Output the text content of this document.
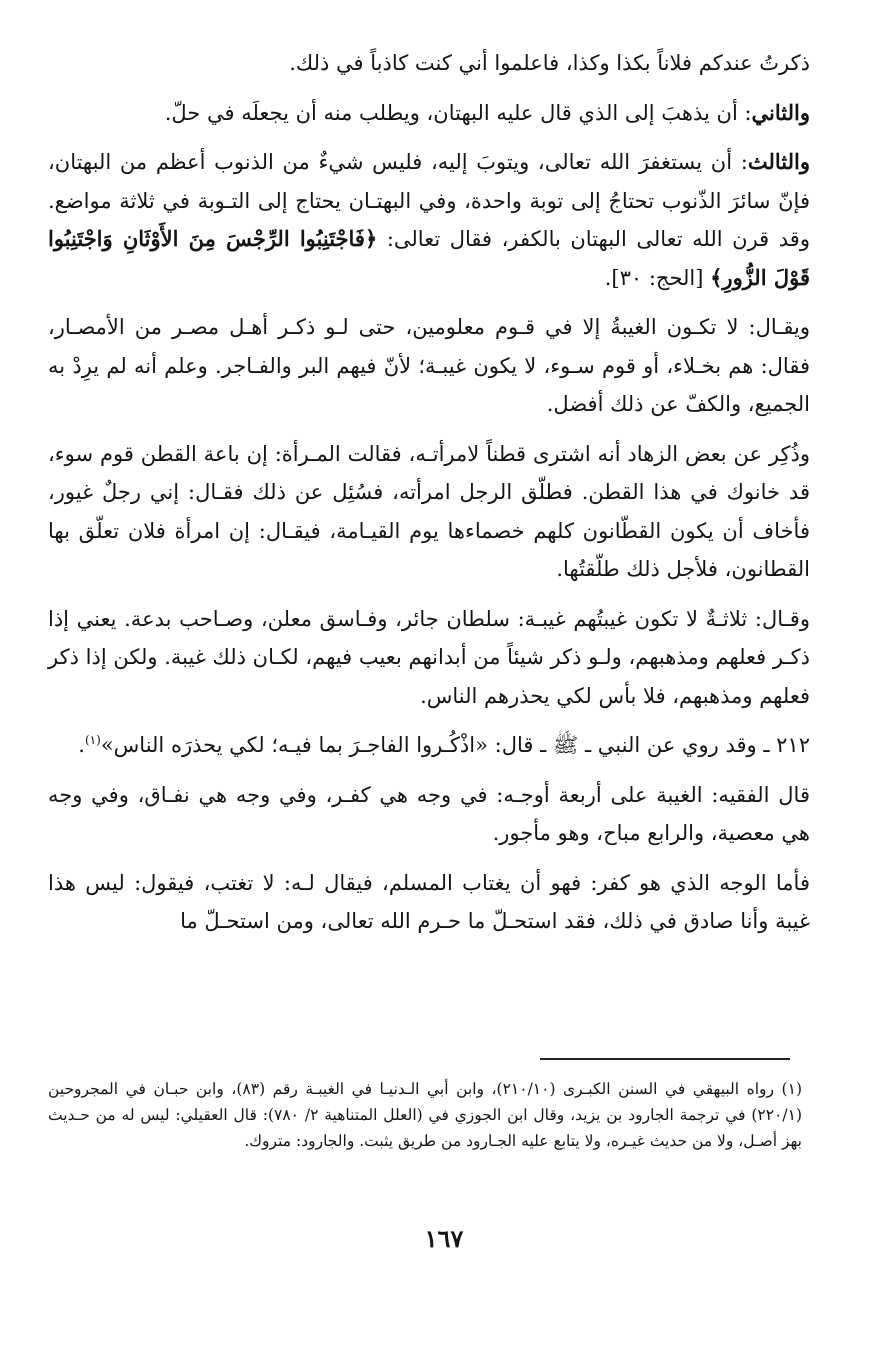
ذكرتُ عندكم فلاناً بكذا وكذا، فاعلموا أني كنت كاذباً في ذلك.

والثاني: أن يذهبَ إلى الذي قال عليه البهتان، ويطلب منه أن يجعلَه في حلّ.

والثالث: أن يستغفرَ الله تعالى، ويتوبَ إليه، فليس شيءٌ من الذنوب أعظم من البهتان، فإنّ سائرَ الذّنوب تحتاجُ إلى توبة واحدة، وفي البهتـان يحتاج إلى التـوبة في ثلاثة مواضع. وقد قرن الله تعالى البهتان بالكفر، فقال تعالى: ﴿فَاجْتَنِبُوا الرِّجْسَ مِنَ الأَوْثَانِ وَاجْتَنِبُوا قَوْلَ الزُّورِ﴾ [الحج: ٣٠].

ويقـال: لا تكـون الغيبةُ إلا في قـوم معلومين، حتى لـو ذكـر أهـل مصـر من الأمصـار، فقال: هم بخـلاء، أو قوم سـوء، لا يكون غيبـة؛ لأنّ فيهم البر والفـاجر. وعلم أنه لم يرِدْ به الجميع، والكفّ عن ذلك أفضل.

وذُكِر عن بعض الزهاد أنه اشترى قطناً لامرأتـه، فقالت المـرأة: إن باعة القطن قوم سوء، قد خانوك في هذا القطن. فطلّق الرجل امرأته، فسُئِل عن ذلك فقـال: إني رجلٌ غيور، فأخاف أن يكون القطّانون كلهم خصماءها يوم القيـامة، فيقـال: إن امرأة فلان تعلّق بها القطانون، فلأجل ذلك طلّقتُها.

وقـال: ثلاثـةٌ لا تكون غيبتُهم غيبـة: سلطان جائر، وفـاسق معلن، وصـاحب بدعة. يعني إذا ذكـر فعلهم ومذهبهم، ولـو ذكر شيئاً من أبدانهم بعيب فيهم، لكـان ذلك غيبة. ولكن إذا ذكر فعلهم ومذهبهم، فلا بأس لكي يحذرهم الناس.

٢١٢ ـ وقد روي عن النبي ـ ﷺ ـ قال: «اذْكُـروا الفاجـرَ بما فيـه؛ لكي يحذرَه الناس»$^{(١)}$.

قال الفقيه: الغيبة على أربعة أوجـه: في وجه هي كفـر، وفي وجه هي نفـاق، وفي وجه هي معصية، والرابع مباح، وهو مأجور.

فأما الوجه الذي هو كفر: فهو أن يغتاب المسلم، فيقال لـه: لا تغتب، فيقول: ليس هذا غيبة وأنا صادق في ذلك، فقد استحـلّ ما حـرم الله تعالى، ومن استحـلّ ما

(١) رواه البيهقي في السنن الكبـرى (٢١٠/١٠)، وابن أبي الـدنيـا في الغيبـة رقم (٨٣)، وابن حبـان في المجروحين (٢٢٠/١) في ترجمة الجارود بن يزيد، وقال ابن الجوزي في (العلل المتناهية ٢/ ٧٨٠): قال العقيلي: ليس له من حـديث بهز أصـل، ولا من حديث غيـره، ولا يتابع عليه الجـارود من طريق يثبت. والجارود: متروك.

١٦٧
